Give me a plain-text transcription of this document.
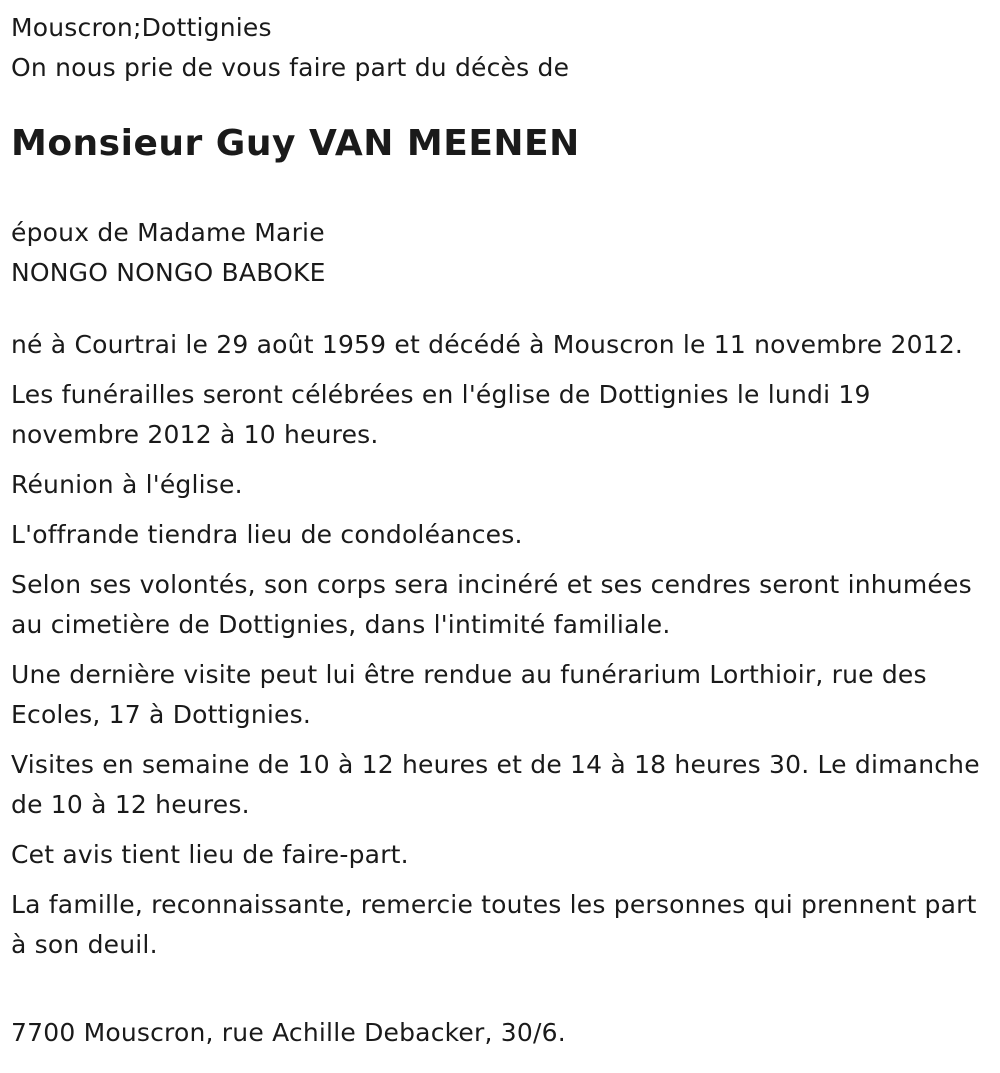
Mouscron;Dottignies

On nous prie de vous faire part du décès de

Monsieur Guy VAN MEENEN

époux de Madame Marie

NONGO NONGO BABOKE

né à Courtrai le 29 août 1959 et décédé à Mouscron le 11 novembre 2012.

Les funérailles seront célébrées en l'église de Dottignies le lundi 19 novembre 2012 à 10 heures.

Réunion à l'église.

L'offrande tiendra lieu de condoléances.

Selon ses volontés, son corps sera incinéré et ses cendres seront inhumées au cimetière de Dottignies, dans l'intimité familiale.

Une dernière visite peut lui être rendue au funérarium Lorthioir, rue des Ecoles, 17 à Dottignies.

Visites en semaine de 10 à 12 heures et de 14 à 18 heures 30. Le dimanche de 10 à 12 heures.

Cet avis tient lieu de faire-part.

La famille, reconnaissante, remercie toutes les personnes qui prennent part à son deuil.

7700 Mouscron, rue Achille Debacker, 30/6.
